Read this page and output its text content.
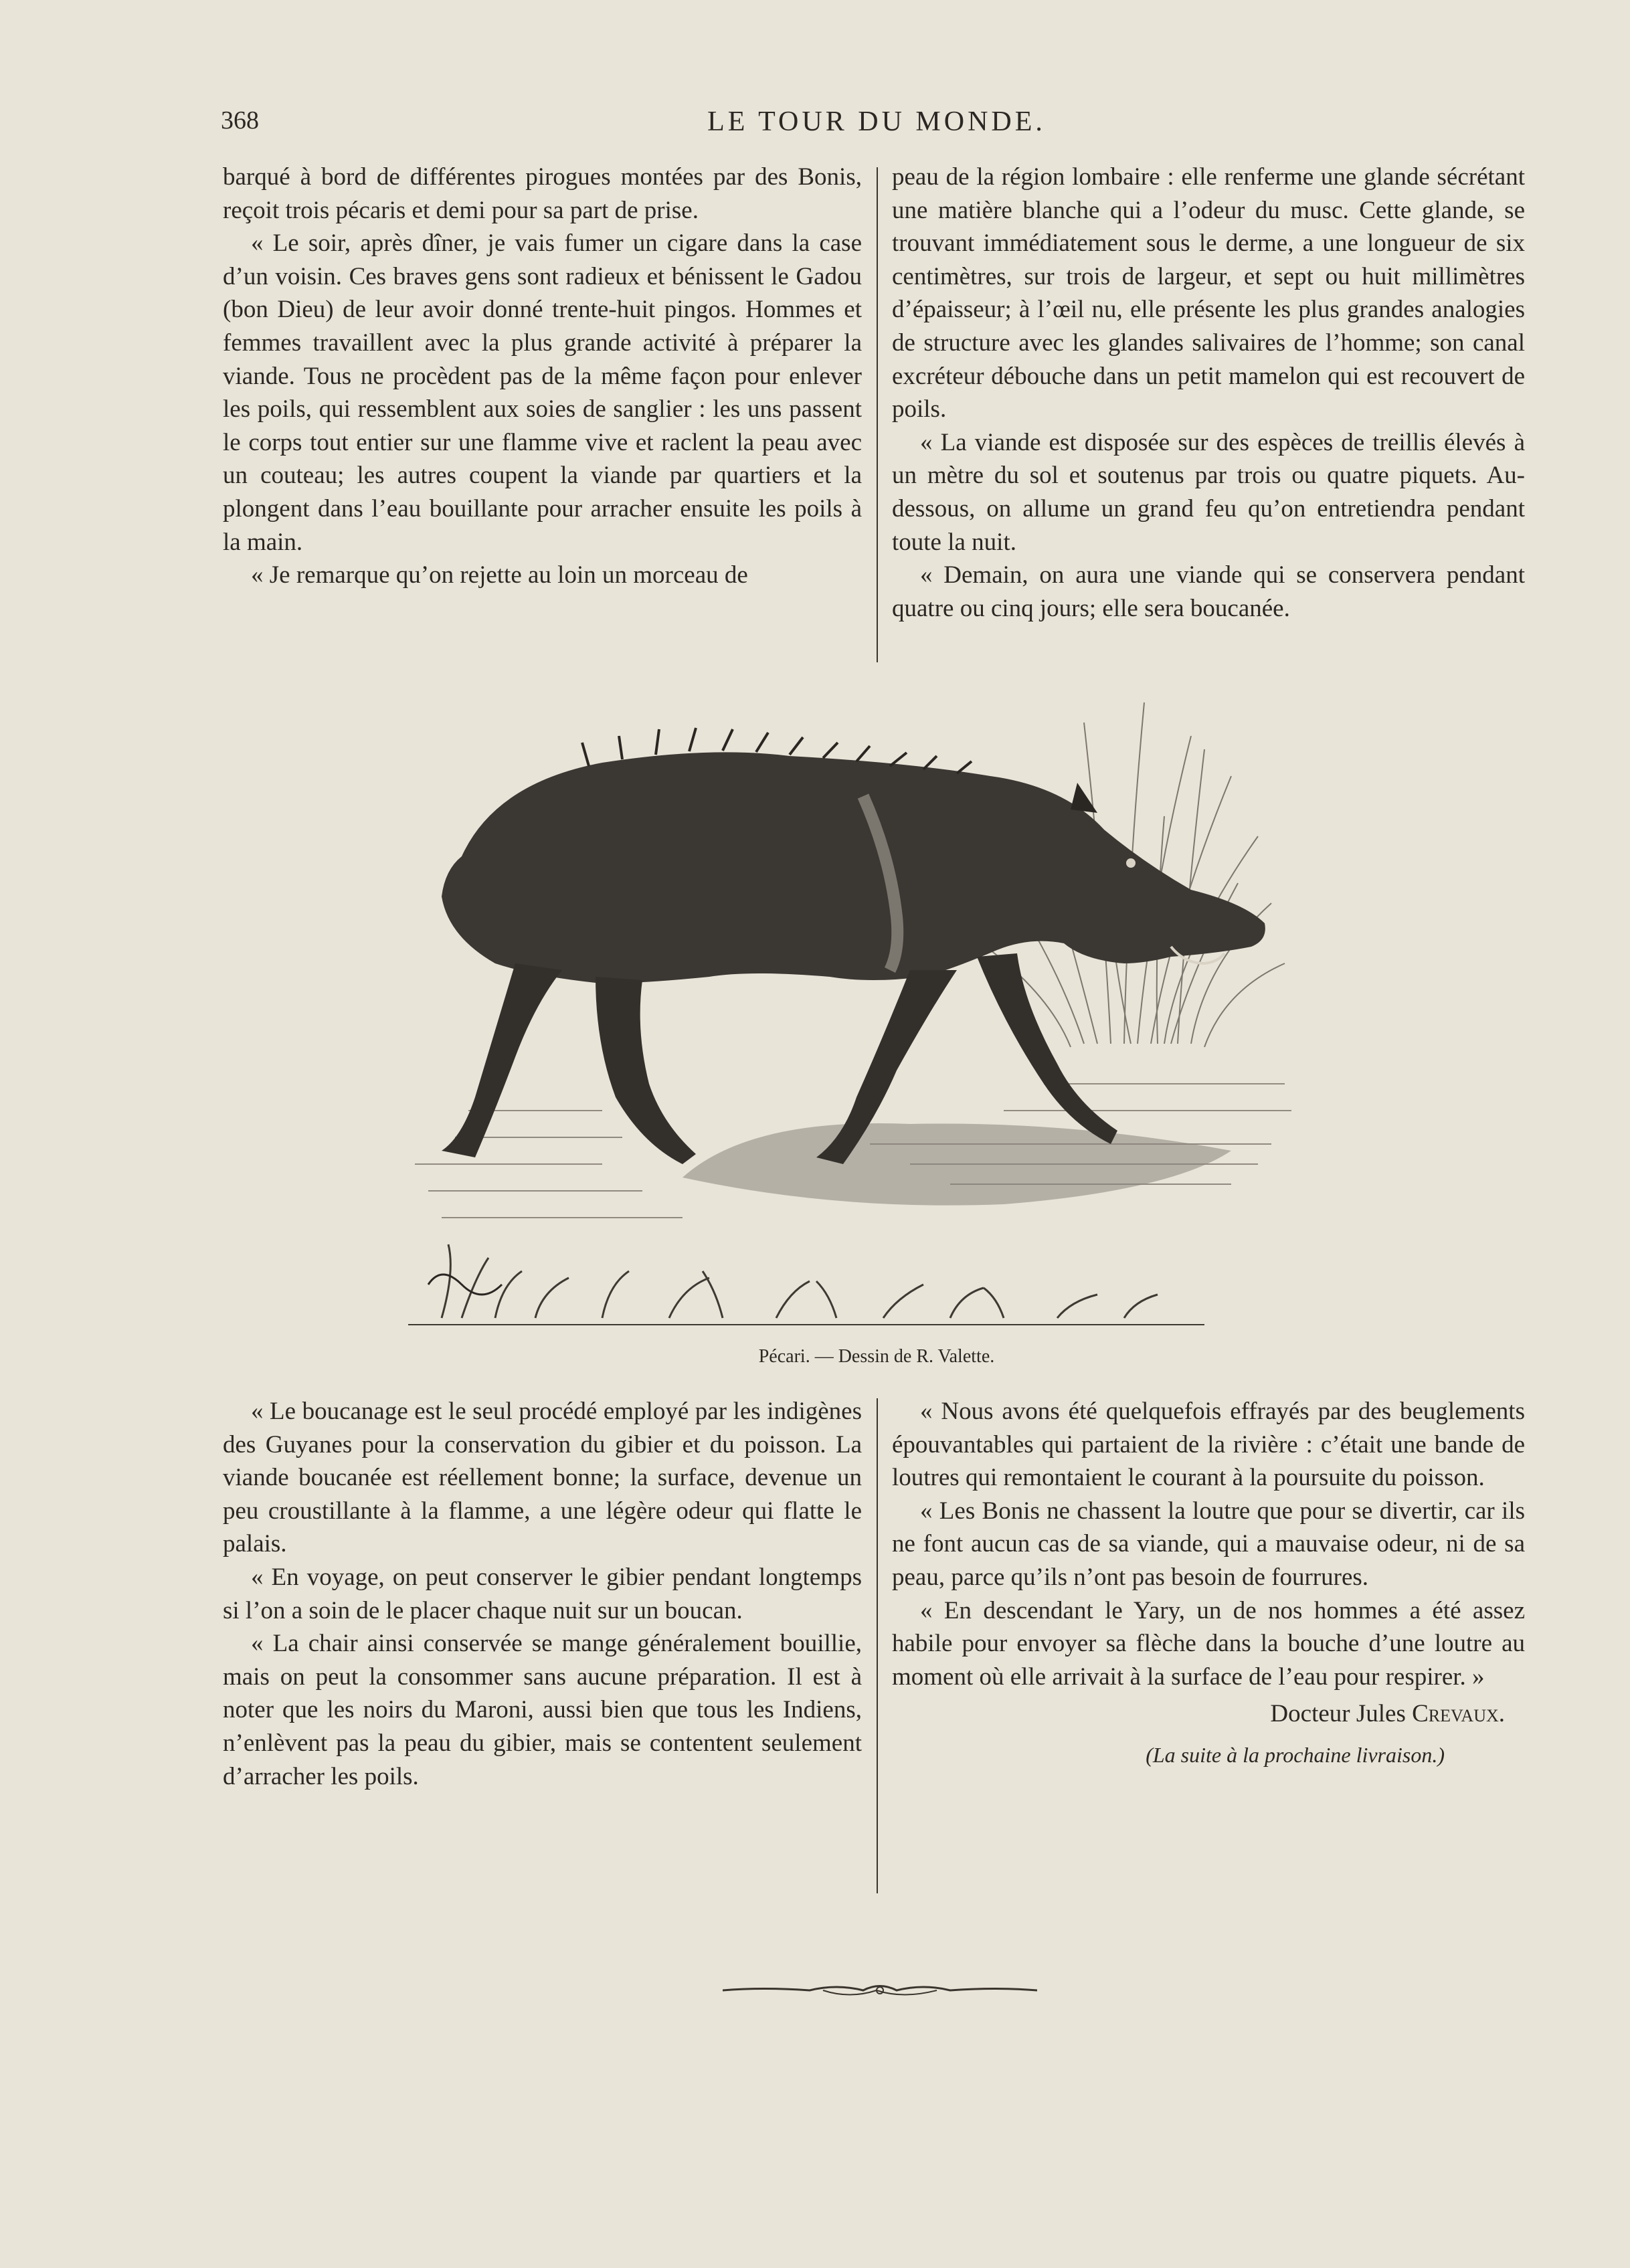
368	LE TOUR DU MONDE.

barqué à bord de différentes pirogues montées par des Bonis, reçoit trois pécaris et demi pour sa part de prise.

« Le soir, après dîner, je vais fumer un cigare dans la case d’un voisin. Ces braves gens sont radieux et bénissent le Gadou (bon Dieu) de leur avoir donné trente-huit pingos. Hommes et femmes travaillent avec la plus grande activité à préparer la viande. Tous ne procèdent pas de la même façon pour enlever les poils, qui ressemblent aux soies de sanglier : les uns passent le corps tout entier sur une flamme vive et raclent la peau avec un couteau; les autres coupent la viande par quartiers et la plongent dans l’eau bouillante pour arracher ensuite les poils à la main.

« Je remarque qu’on rejette au loin un morceau de

peau de la région lombaire : elle renferme une glande sécrétant une matière blanche qui a l’odeur du musc. Cette glande, se trouvant immédiatement sous le derme, a une longueur de six centimètres, sur trois de largeur, et sept ou huit millimètres d’épaisseur; à l’œil nu, elle présente les plus grandes analogies de structure avec les glandes salivaires de l’homme; son canal excréteur débouche dans un petit mamelon qui est recouvert de poils.

« La viande est disposée sur des espèces de treillis élevés à un mètre du sol et soutenus par trois ou quatre piquets. Au-dessous, on allume un grand feu qu’on entretiendra pendant toute la nuit.

« Demain, on aura une viande qui se conservera pendant quatre ou cinq jours; elle sera boucanée.

Pécari. — Dessin de R. Valette.

« Le boucanage est le seul procédé employé par les indigènes des Guyanes pour la conservation du gibier et du poisson. La viande boucanée est réellement bonne; la surface, devenue un peu croustillante à la flamme, a une légère odeur qui flatte le palais.

« En voyage, on peut conserver le gibier pendant longtemps si l’on a soin de le placer chaque nuit sur un boucan.

« La chair ainsi conservée se mange généralement bouillie, mais on peut la consommer sans aucune préparation. Il est à noter que les noirs du Maroni, aussi bien que tous les Indiens, n’enlèvent pas la peau du gibier, mais se contentent seulement d’arracher les poils.

« Nous avons été quelquefois effrayés par des beuglements épouvantables qui partaient de la rivière : c’était une bande de loutres qui remontaient le courant à la poursuite du poisson.

« Les Bonis ne chassent la loutre que pour se divertir, car ils ne font aucun cas de sa viande, qui a mauvaise odeur, ni de sa peau, parce qu’ils n’ont pas besoin de fourrures.

« En descendant le Yary, un de nos hommes a été assez habile pour envoyer sa flèche dans la bouche d’une loutre au moment où elle arrivait à la surface de l’eau pour respirer. »

Docteur Jules Crevaux.
(La suite à la prochaine livraison.)
